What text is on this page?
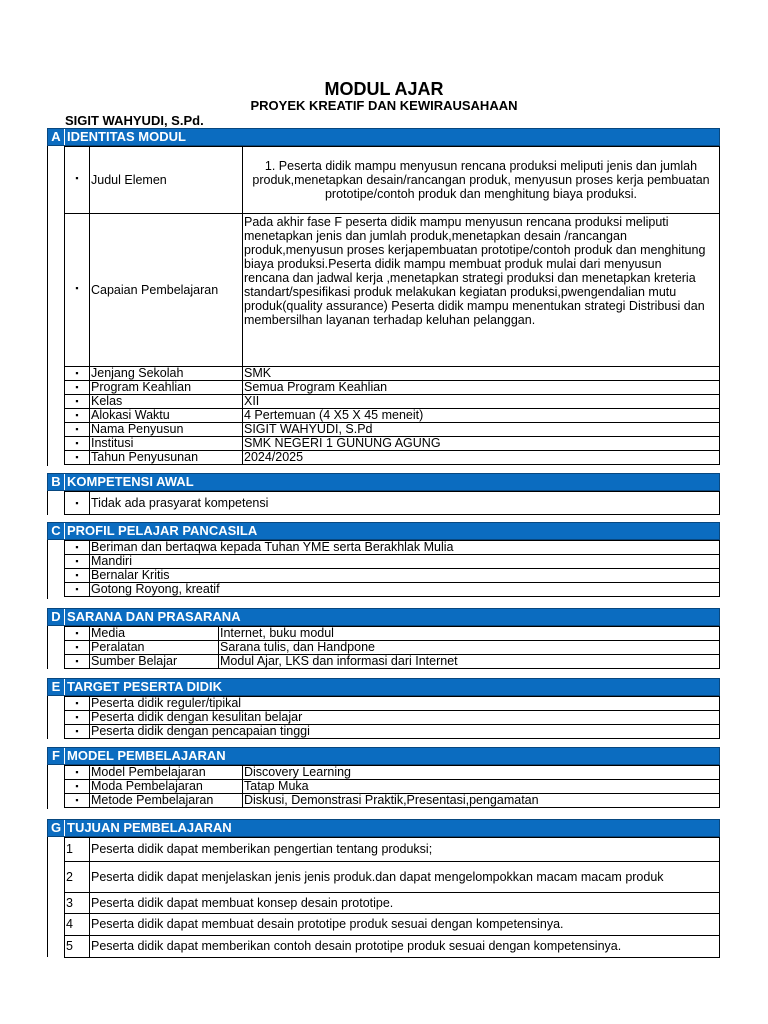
MODUL AJAR
PROYEK KREATIF DAN KEWIRAUSAHAAN
SIGIT WAHYUDI, S.Pd.
A IDENTITAS MODUL
▪
Judul Elemen
1. Peserta didik mampu menyusun rencana produksi meliputi jenis dan jumlah produk,menetapkan desain/rancangan produk, menyusun proses kerja pembuatan prototipe/contoh produk dan menghitung biaya produksi.
▪
Capaian Pembelajaran
Pada akhir fase F peserta didik mampu menyusun rencana produksi meliputi menetapkan jenis dan jumlah produk,menetapkan desain /rancangan produk,menyusun proses kerjapembuatan prototipe/contoh produk dan menghitung biaya produksi.Peserta didik mampu membuat produk mulai dari menyusun rencana dan jadwal kerja ,menetapkan strategi produksi dan menetapkan kreteria standart/spesifikasi produk melakukan kegiatan produksi,pwengendalian mutu produk(quality assurance) Peserta didik mampu menentukan strategi Distribusi dan membersilhan layanan terhadap keluhan pelanggan.
▪
Jenjang Sekolah	SMK
▪
Program Keahlian	Semua Program Keahlian
▪
Kelas	XII
▪
Alokasi Waktu	4 Pertemuan (4 X5 X 45 meneit)
▪
Nama Penyusun	SIGIT WAHYUDI, S.Pd
▪
Institusi	SMK NEGERI 1 GUNUNG AGUNG
▪
Tahun Penyusunan	2024/2025
B KOMPETENSI AWAL
▪
Tidak ada prasyarat kompetensi
C PROFIL PELAJAR PANCASILA
▪
Beriman dan bertaqwa kepada Tuhan YME serta Berakhlak Mulia
▪
Mandiri
▪
Bernalar Kritis
▪
Gotong Royong, kreatif
D SARANA DAN PRASARANA
▪
Media	Internet, buku modul
▪
Peralatan	Sarana tulis, dan Handpone
▪
Sumber Belajar	Modul Ajar, LKS dan informasi dari Internet
E TARGET PESERTA DIDIK
▪
Peserta didik reguler/tipikal
▪
Peserta didik dengan kesulitan belajar
▪
Peserta didik dengan pencapaian tinggi
F MODEL PEMBELAJARAN
▪
Model Pembelajaran	Discovery Learning
▪
Moda Pembelajaran	Tatap Muka
▪
Metode Pembelajaran Diskusi, Demonstrasi Praktik,Presentasi,pengamatan
G TUJUAN PEMBELAJARAN
1 Peserta didik dapat memberikan pengertian tentang produksi;
2 Peserta didik dapat menjelaskan jenis jenis produk.dan dapat mengelompokkan macam macam produk
3 Peserta didik dapat membuat konsep desain prototipe.
4 Peserta didik dapat membuat desain prototipe produk sesuai dengan kompetensinya.
5 Peserta didik dapat memberikan contoh desain prototipe produk sesuai dengan kompetensinya.
